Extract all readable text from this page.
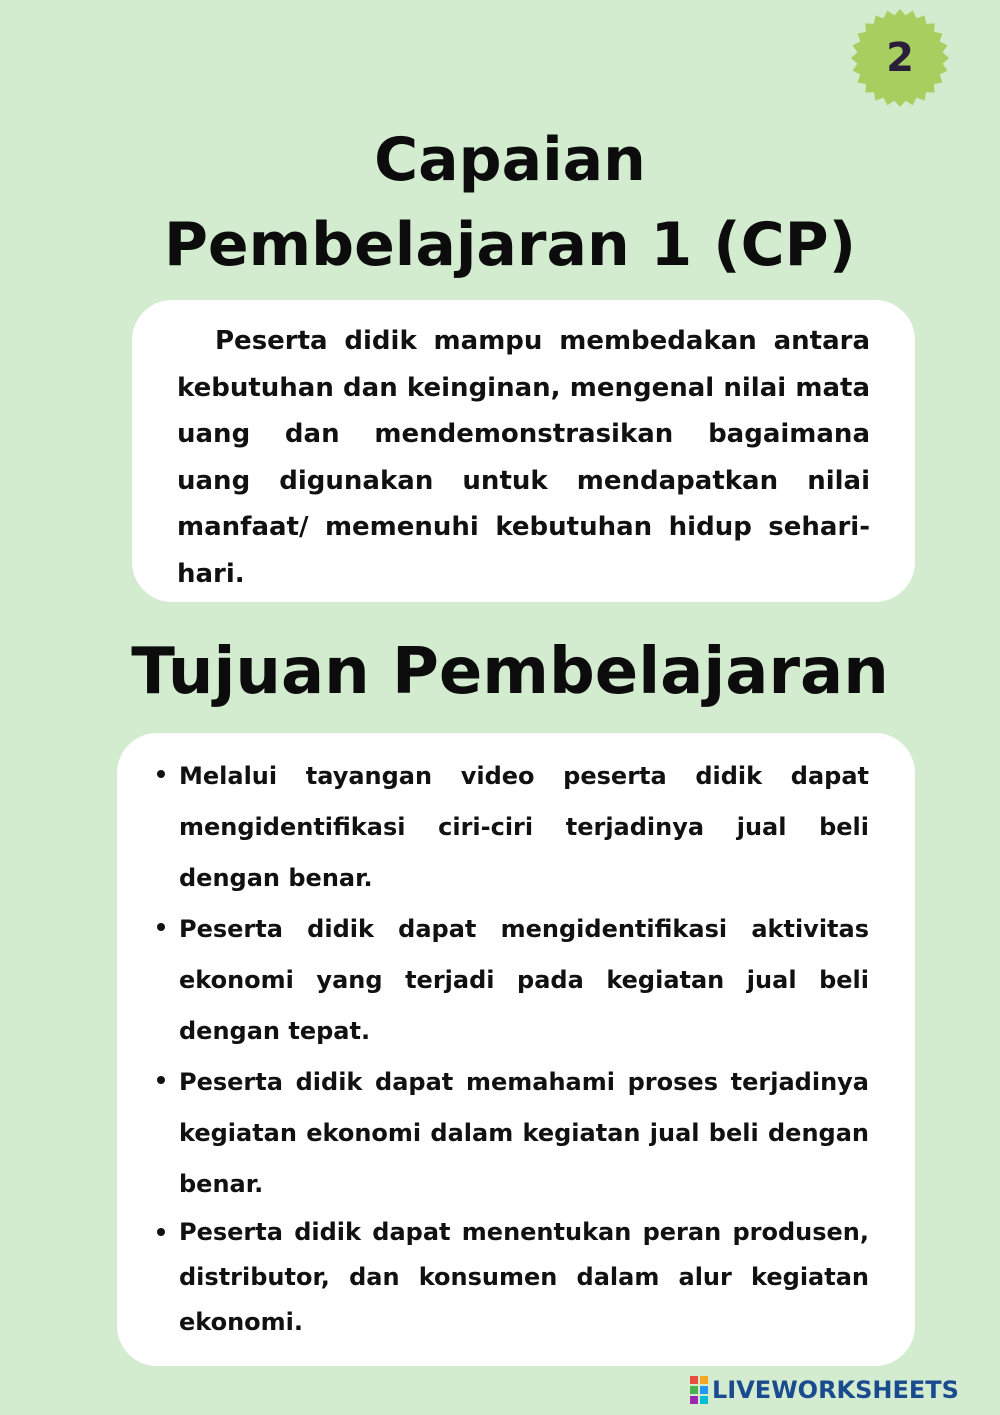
2
Capaian
Pembelajaran 1 (CP)

Peserta didik mampu membedakan antara kebutuhan dan keinginan, mengenal nilai mata uang dan mendemonstrasikan bagaimana uang digunakan untuk mendapatkan nilai manfaat/ memenuhi kebutuhan hidup sehari-hari.

Tujuan Pembelajaran
Melalui tayangan video peserta didik dapat mengidentifikasi ciri-ciri terjadinya jual beli dengan benar.
Peserta didik dapat mengidentifikasi aktivitas ekonomi yang terjadi pada kegiatan jual beli dengan tepat.
Peserta didik dapat memahami proses terjadinya kegiatan ekonomi dalam kegiatan jual beli dengan benar.
Peserta didik dapat menentukan peran produsen, distributor, dan konsumen dalam alur kegiatan ekonomi.
LIVEWORKSHEETS
